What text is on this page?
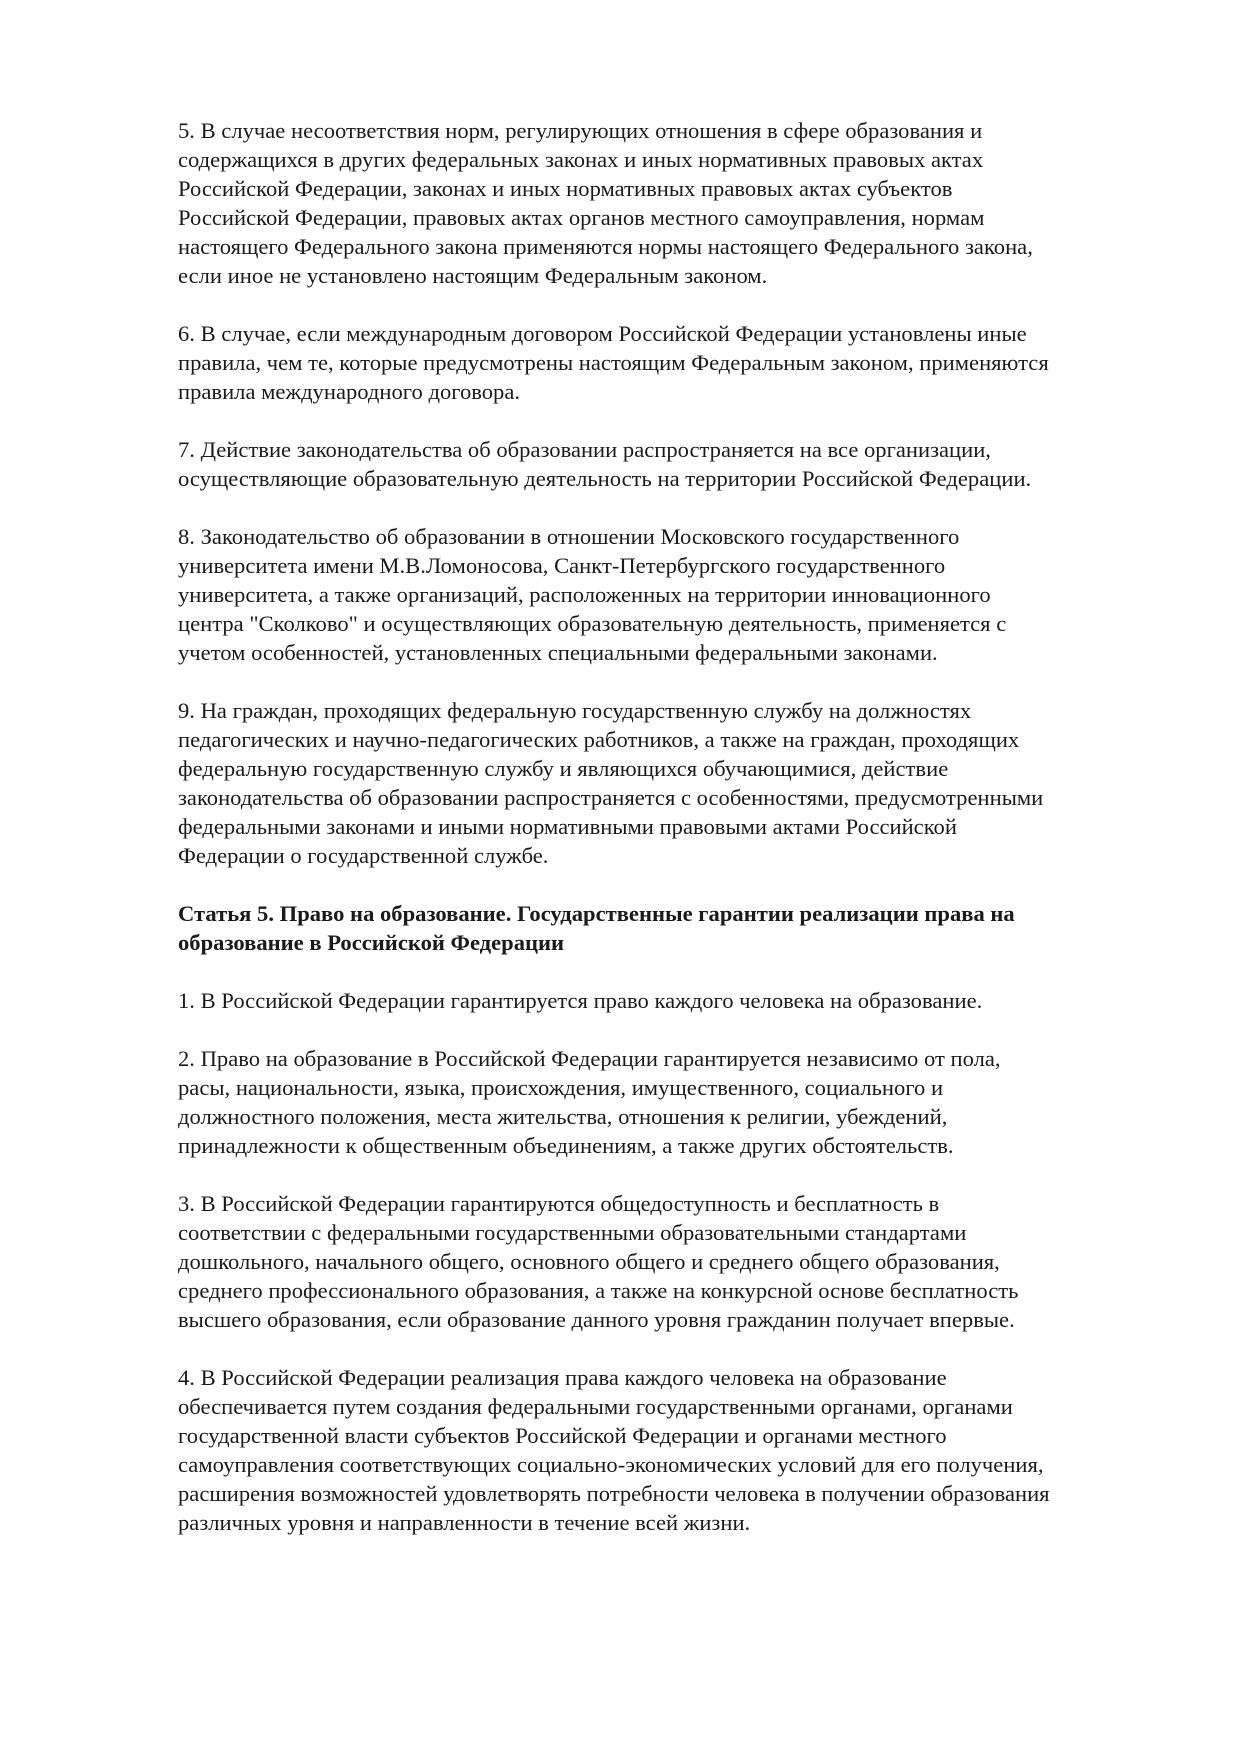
5. В случае несоответствия норм, регулирующих отношения в сфере образования и
содержащихся в других федеральных законах и иных нормативных правовых актах
Российской Федерации, законах и иных нормативных правовых актах субъектов
Российской Федерации, правовых актах органов местного самоуправления, нормам
настоящего Федерального закона применяются нормы настоящего Федерального закона,
если иное не установлено настоящим Федеральным законом.
6. В случае, если международным договором Российской Федерации установлены иные
правила, чем те, которые предусмотрены настоящим Федеральным законом, применяются
правила международного договора.
7. Действие законодательства об образовании распространяется на все организации,
осуществляющие образовательную деятельность на территории Российской Федерации.
8. Законодательство об образовании в отношении Московского государственного
университета имени М.В.Ломоносова, Санкт-Петербургского государственного
университета, а также организаций, расположенных на территории инновационного
центра "Сколково" и осуществляющих образовательную деятельность, применяется с
учетом особенностей, установленных специальными федеральными законами.
9. На граждан, проходящих федеральную государственную службу на должностях
педагогических и научно-педагогических работников, а также на граждан, проходящих
федеральную государственную службу и являющихся обучающимися, действие
законодательства об образовании распространяется с особенностями, предусмотренными
федеральными законами и иными нормативными правовыми актами Российской
Федерации о государственной службе.
Статья 5. Право на образование. Государственные гарантии реализации права на
образование в Российской Федерации
1. В Российской Федерации гарантируется право каждого человека на образование.
2. Право на образование в Российской Федерации гарантируется независимо от пола,
расы, национальности, языка, происхождения, имущественного, социального и
должностного положения, места жительства, отношения к религии, убеждений,
принадлежности к общественным объединениям, а также других обстоятельств.
3. В Российской Федерации гарантируются общедоступность и бесплатность в
соответствии с федеральными государственными образовательными стандартами
дошкольного, начального общего, основного общего и среднего общего образования,
среднего профессионального образования, а также на конкурсной основе бесплатность
высшего образования, если образование данного уровня гражданин получает впервые.
4. В Российской Федерации реализация права каждого человека на образование
обеспечивается путем создания федеральными государственными органами, органами
государственной власти субъектов Российской Федерации и органами местного
самоуправления соответствующих социально-экономических условий для его получения,
расширения возможностей удовлетворять потребности человека в получении образования
различных уровня и направленности в течение всей жизни.
